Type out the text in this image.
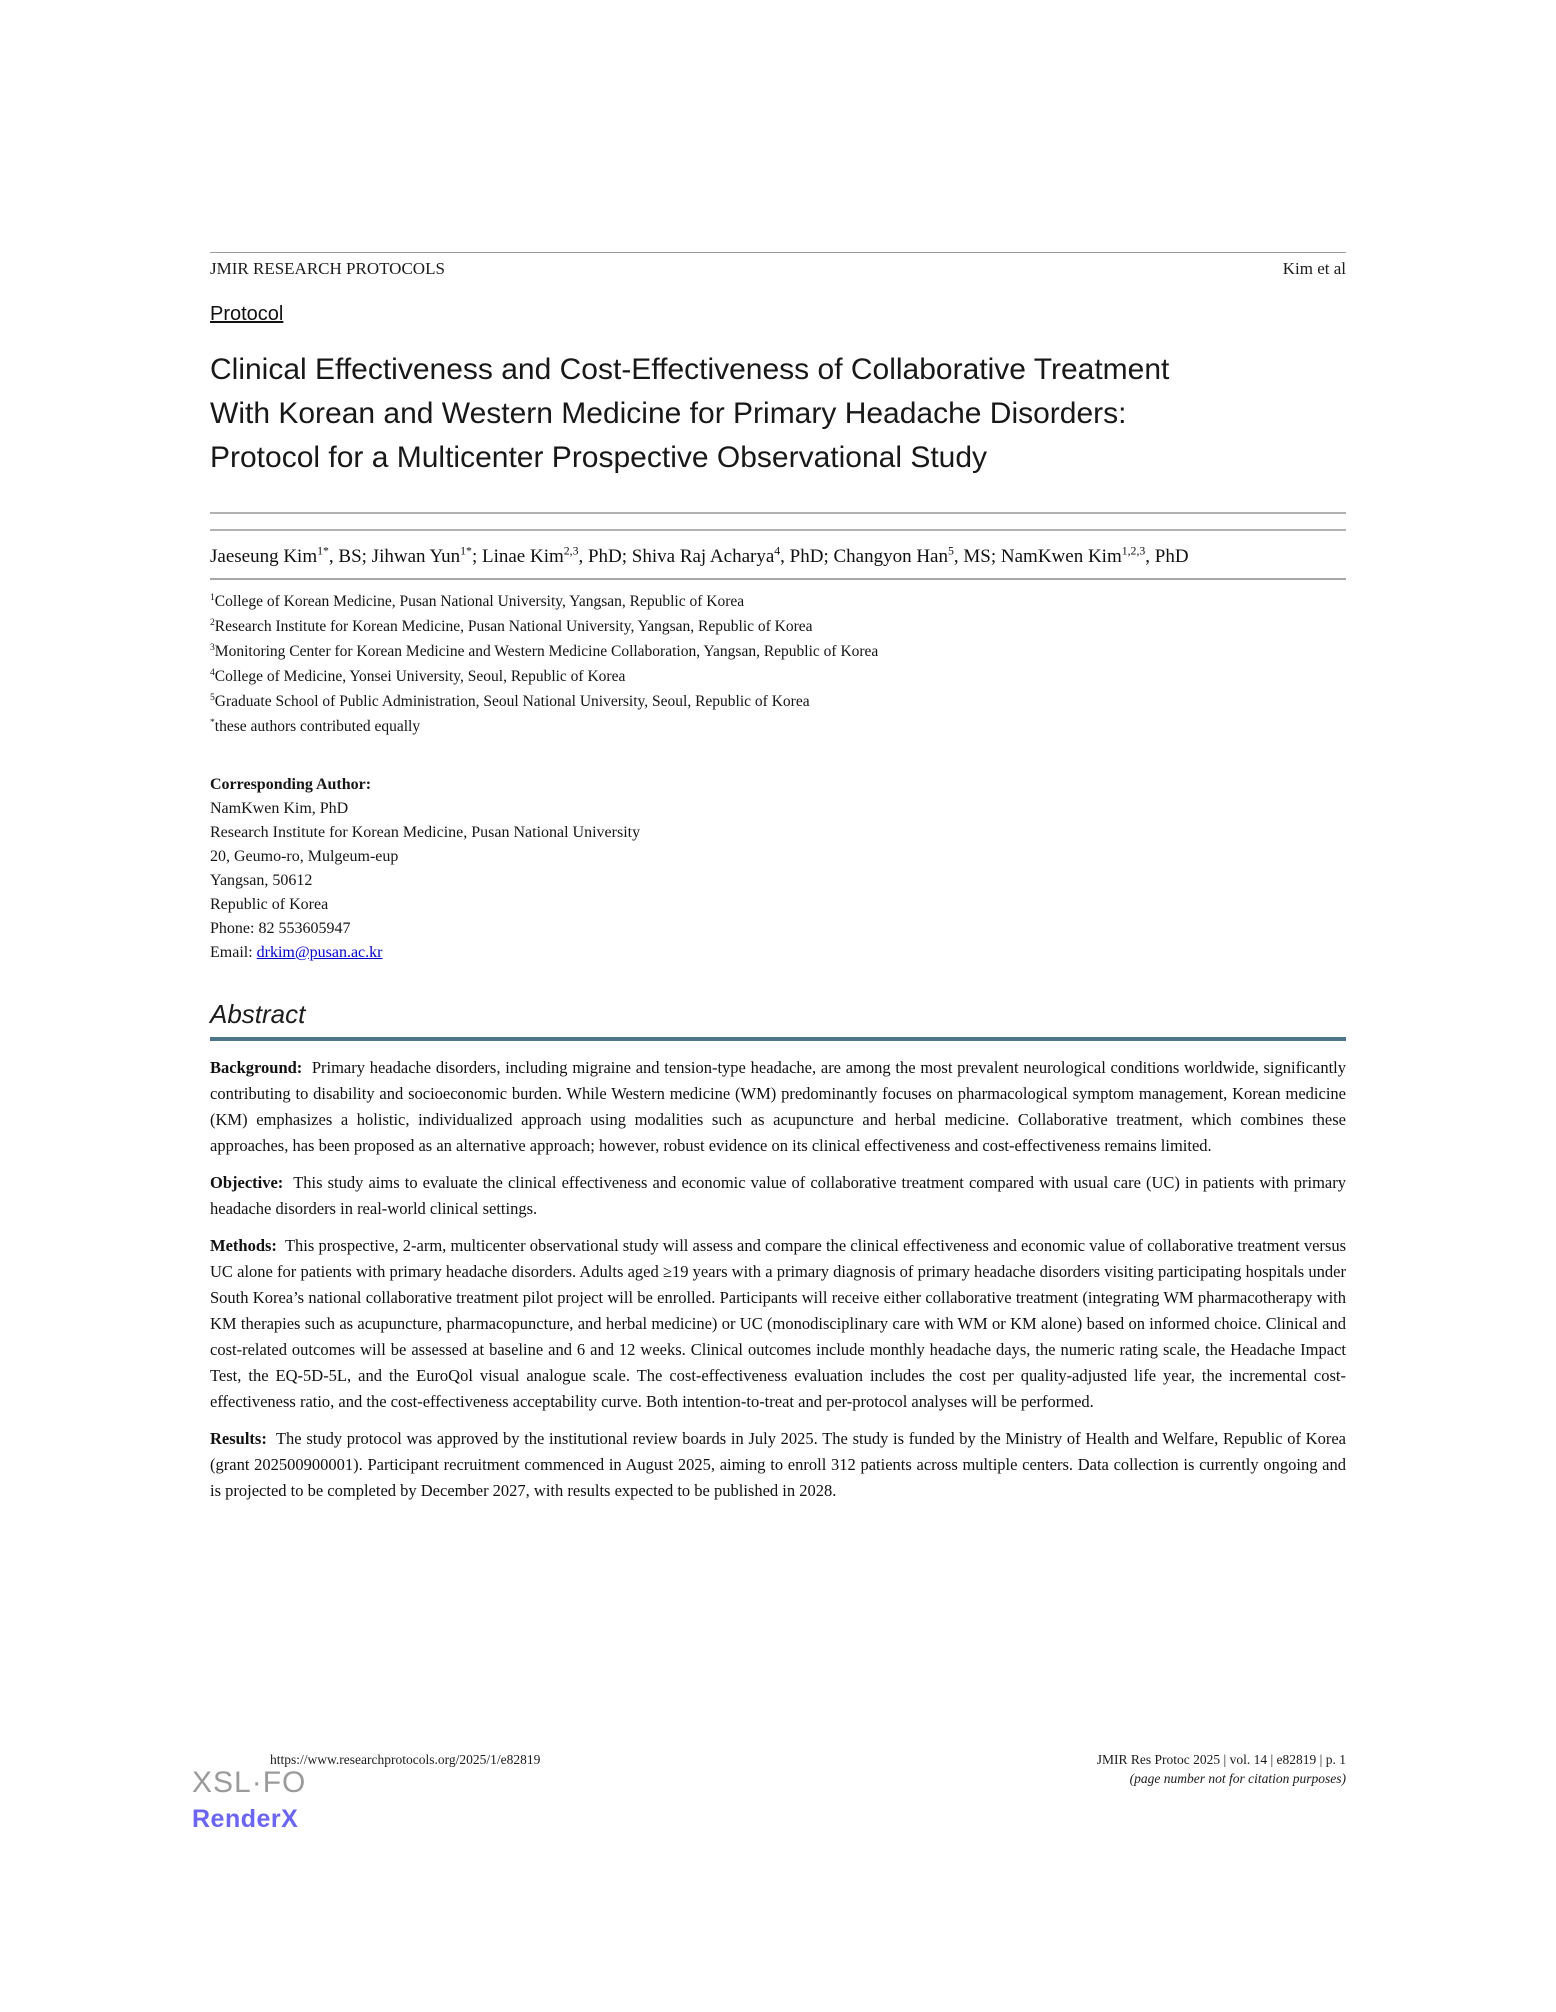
JMIR RESEARCH PROTOCOLS	Kim et al
Protocol
Clinical Effectiveness and Cost-Effectiveness of Collaborative Treatment With Korean and Western Medicine for Primary Headache Disorders: Protocol for a Multicenter Prospective Observational Study

Jaeseung Kim$^{1*}$, BS; Jihwan Yun$^{1*}$; Linae Kim$^{2,3}$, PhD; Shiva Raj Acharya$^4$, PhD; Changyon Han$^5$, MS; NamKwen Kim$^{1,2,3}$, PhD

$^1$College of Korean Medicine, Pusan National University, Yangsan, Republic of Korea

$^2$Research Institute for Korean Medicine, Pusan National University, Yangsan, Republic of Korea

$^3$Monitoring Center for Korean Medicine and Western Medicine Collaboration, Yangsan, Republic of Korea

$^4$College of Medicine, Yonsei University, Seoul, Republic of Korea

$^5$Graduate School of Public Administration, Seoul National University, Seoul, Republic of Korea

*these authors contributed equally

Corresponding Author:

NamKwen Kim, PhD

Research Institute for Korean Medicine, Pusan National University

20, Geumo-ro, Mulgeum-eup

Yangsan, 50612

Republic of Korea

Phone: 82 553605947

Email: drkim@pusan.ac.kr

Abstract

Background:  Primary headache disorders, including migraine and tension-type headache, are among the most prevalent neurological conditions worldwide, significantly contributing to disability and socioeconomic burden. While Western medicine (WM) predominantly focuses on pharmacological symptom management, Korean medicine (KM) emphasizes a holistic, individualized approach using modalities such as acupuncture and herbal medicine. Collaborative treatment, which combines these approaches, has been proposed as an alternative approach; however, robust evidence on its clinical effectiveness and cost-effectiveness remains limited.

Objective:  This study aims to evaluate the clinical effectiveness and economic value of collaborative treatment compared with usual care (UC) in patients with primary headache disorders in real-world clinical settings.

Methods:  This prospective, 2-arm, multicenter observational study will assess and compare the clinical effectiveness and economic value of collaborative treatment versus UC alone for patients with primary headache disorders. Adults aged ≥19 years with a primary diagnosis of primary headache disorders visiting participating hospitals under South Korea’s national collaborative treatment pilot project will be enrolled. Participants will receive either collaborative treatment (integrating WM pharmacotherapy with KM therapies such as acupuncture, pharmacopuncture, and herbal medicine) or UC (monodisciplinary care with WM or KM alone) based on informed choice. Clinical and cost-related outcomes will be assessed at baseline and 6 and 12 weeks. Clinical outcomes include monthly headache days, the numeric rating scale, the Headache Impact Test, the EQ-5D-5L, and the EuroQol visual analogue scale. The cost-effectiveness evaluation includes the cost per quality-adjusted life year, the incremental cost-effectiveness ratio, and the cost-effectiveness acceptability curve. Both intention-to-treat and per-protocol analyses will be performed.

Results:  The study protocol was approved by the institutional review boards in July 2025. The study is funded by the Ministry of Health and Welfare, Republic of Korea (grant 202500900001). Participant recruitment commenced in August 2025, aiming to enroll 312 patients across multiple centers. Data collection is currently ongoing and is projected to be completed by December 2027, with results expected to be published in 2028.

https://www.researchprotocols.org/2025/1/e82819	JMIR Res Protoc 2025 | vol. 14 | e82819 | p. 1
(page number not for citation purposes)
XSL·FO
RenderX
